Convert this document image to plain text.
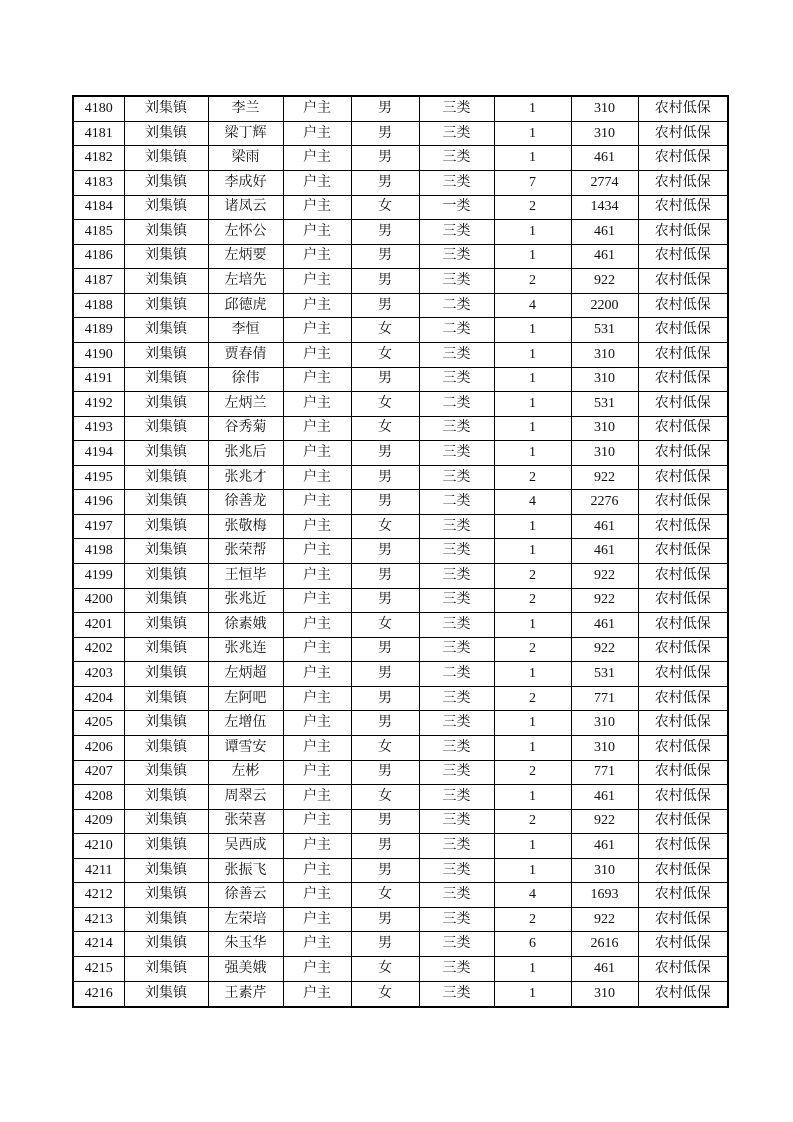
4180	刘集镇	李兰	户主	男	三类	1	310	农村低保
4181	刘集镇	梁丁辉	户主	男	三类	1	310	农村低保
4182	刘集镇	梁雨	户主	男	三类	1	461	农村低保
4183	刘集镇	李成好	户主	男	三类	7	2774	农村低保
4184	刘集镇	诸凤云	户主	女	一类	2	1434	农村低保
4185	刘集镇	左怀公	户主	男	三类	1	461	农村低保
4186	刘集镇	左炳要	户主	男	三类	1	461	农村低保
4187	刘集镇	左培先	户主	男	三类	2	922	农村低保
4188	刘集镇	邱德虎	户主	男	二类	4	2200	农村低保
4189	刘集镇	李恒	户主	女	二类	1	531	农村低保
4190	刘集镇	贾春倩	户主	女	三类	1	310	农村低保
4191	刘集镇	徐伟	户主	男	三类	1	310	农村低保
4192	刘集镇	左炳兰	户主	女	二类	1	531	农村低保
4193	刘集镇	谷秀菊	户主	女	三类	1	310	农村低保
4194	刘集镇	张兆后	户主	男	三类	1	310	农村低保
4195	刘集镇	张兆才	户主	男	三类	2	922	农村低保
4196	刘集镇	徐善龙	户主	男	二类	4	2276	农村低保
4197	刘集镇	张敬梅	户主	女	三类	1	461	农村低保
4198	刘集镇	张荣帮	户主	男	三类	1	461	农村低保
4199	刘集镇	王恒毕	户主	男	三类	2	922	农村低保
4200	刘集镇	张兆近	户主	男	三类	2	922	农村低保
4201	刘集镇	徐素娥	户主	女	三类	1	461	农村低保
4202	刘集镇	张兆连	户主	男	三类	2	922	农村低保
4203	刘集镇	左炳超	户主	男	二类	1	531	农村低保
4204	刘集镇	左阿吧	户主	男	三类	2	771	农村低保
4205	刘集镇	左增伍	户主	男	三类	1	310	农村低保
4206	刘集镇	谭雪安	户主	女	三类	1	310	农村低保
4207	刘集镇	左彬	户主	男	三类	2	771	农村低保
4208	刘集镇	周翠云	户主	女	三类	1	461	农村低保
4209	刘集镇	张荣喜	户主	男	三类	2	922	农村低保
4210	刘集镇	吴西成	户主	男	三类	1	461	农村低保
4211	刘集镇	张振飞	户主	男	三类	1	310	农村低保
4212	刘集镇	徐善云	户主	女	三类	4	1693	农村低保
4213	刘集镇	左荣培	户主	男	三类	2	922	农村低保
4214	刘集镇	朱玉华	户主	男	三类	6	2616	农村低保
4215	刘集镇	强美娥	户主	女	三类	1	461	农村低保
4216	刘集镇	王素芹	户主	女	三类	1	310	农村低保
